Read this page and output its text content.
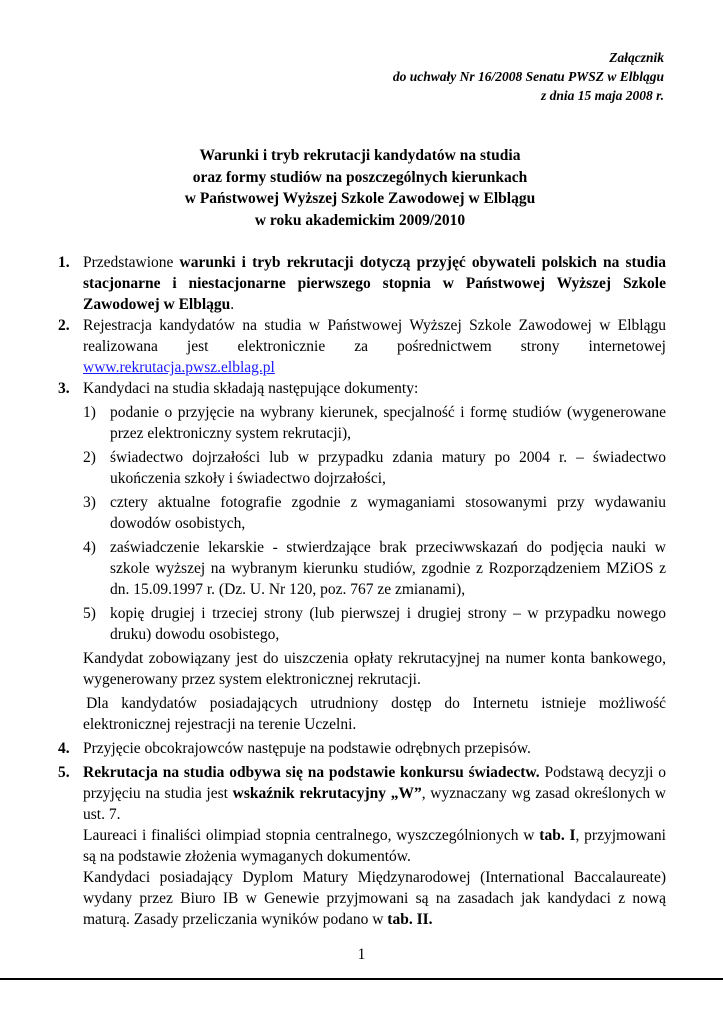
Załącznik
do uchwały Nr 16/2008 Senatu PWSZ w Elblągu
z dnia 15 maja 2008 r.
Warunki i tryb rekrutacji kandydatów na studia
oraz formy studiów na poszczególnych kierunkach
w Państwowej Wyższej Szkole Zawodowej w Elblągu
w roku akademickim 2009/2010
1. Przedstawione warunki i tryb rekrutacji dotyczą przyjęć obywateli polskich na studia stacjonarne i niestacjonarne pierwszego stopnia w Państwowej Wyższej Szkole Zawodowej w Elblągu.
2. Rejestracja kandydatów na studia w Państwowej Wyższej Szkole Zawodowej w Elblągu realizowana jest elektronicznie za pośrednictwem strony internetowej www.rekrutacja.pwsz.elblag.pl
3. Kandydaci na studia składają następujące dokumenty:
1) podanie o przyjęcie na wybrany kierunek, specjalność i formę studiów (wygenerowane przez elektroniczny system rekrutacji),
2) świadectwo dojrzałości lub w przypadku zdania matury po 2004 r. – świadectwo ukończenia szkoły i świadectwo dojrzałości,
3) cztery aktualne fotografie zgodnie z wymaganiami stosowanymi przy wydawaniu dowodów osobistych,
4) zaświadczenie lekarskie - stwierdzające brak przeciwwskazań do podjęcia nauki w szkole wyższej na wybranym kierunku studiów, zgodnie z Rozporządzeniem MZiOS z dn. 15.09.1997 r. (Dz. U. Nr 120, poz. 767 ze zmianami),
5) kopię drugiej i trzeciej strony (lub pierwszej i drugiej strony – w przypadku nowego druku) dowodu osobistego,
Kandydat zobowiązany jest do uiszczenia opłaty rekrutacyjnej na numer konta bankowego, wygenerowany przez system elektronicznej rekrutacji.
Dla kandydatów posiadających utrudniony dostęp do Internetu istnieje możliwość elektronicznej rejestracji na terenie Uczelni.
4. Przyjęcie obcokrajowców następuje na podstawie odrębnych przepisów.
5. Rekrutacja na studia odbywa się na podstawie konkursu świadectw. Podstawą decyzji o przyjęciu na studia jest wskaźnik rekrutacyjny „W”, wyznaczany wg zasad określonych w ust. 7.
Laureaci i finaliści olimpiad stopnia centralnego, wyszczególnionych w tab. I, przyjmowani są na podstawie złożenia wymaganych dokumentów.
Kandydaci posiadający Dyplom Matury Międzynarodowej (International Baccalaureate) wydany przez Biuro IB w Genewie przyjmowani są na zasadach jak kandydaci z nową maturą. Zasady przeliczania wyników podano w tab. II.
1
